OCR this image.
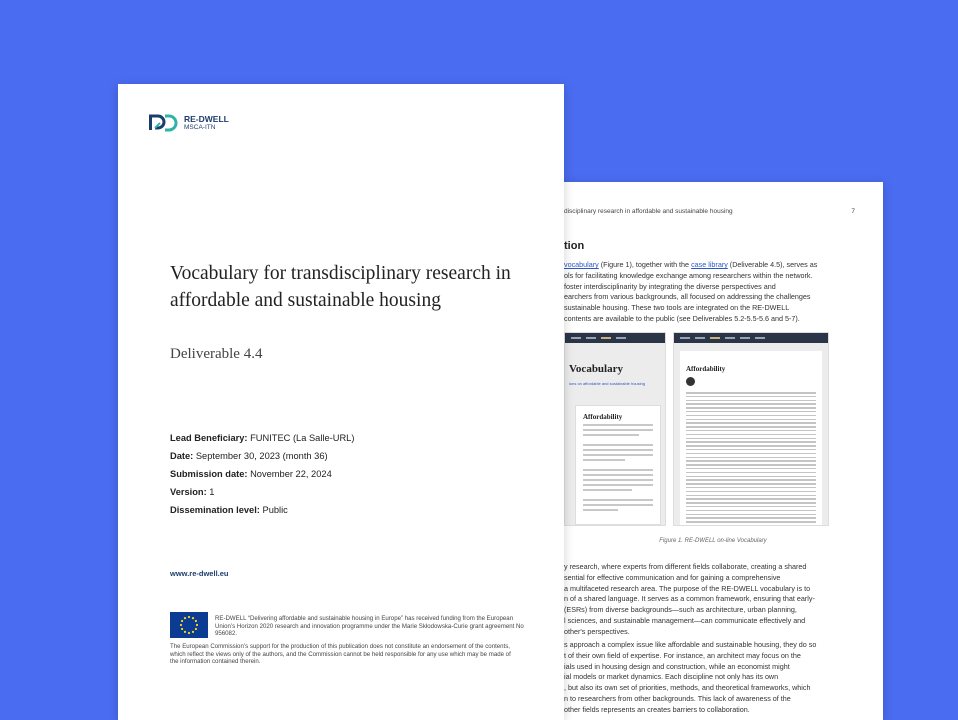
disciplinary research in affordable and sustainable housing	7
tion

vocabulary (Figure 1), together with the case library (Deliverable 4.5), serves as

ols for facilitating knowledge exchange among researchers within the network.

foster interdisciplinarity by integrating the diverse perspectives and

earchers from various backgrounds, all focused on addressing the challenges

sustainable housing. These two tools are integrated on the RE-DWELL

contents are available to the public (see Deliverables 5.2-5.5-5.6 and 5-7).

Vocabulary
ions on affordable and sustainable housing
Affordability
Affordability
Figure 1. RE-DWELL on-line Vocabulary

y research, where experts from different fields collaborate, creating a shared

sential for effective communication and for gaining a comprehensive

a multifaceted research area. The purpose of the RE-DWELL vocabulary is to

n of a shared language. It serves as a common framework, ensuring that early-

(ESRs) from diverse backgrounds—such as architecture, urban planning,

l sciences, and sustainable management—can communicate effectively and

other's perspectives.

s approach a complex issue like affordable and sustainable housing, they do so

t of their own field of expertise. For instance, an architect may focus on the

ials used in housing design and construction, while an economist might

ial models or market dynamics. Each discipline not only has its own

, but also its own set of priorities, methods, and theoretical frameworks, which

n to researchers from other backgrounds. This lack of awareness of the

other fields represents an creates barriers to collaboration.

RE-DWELL
MSCA-ITN
Vocabulary for transdisciplinary research in affordable and sustainable housing
Deliverable 4.4
Lead Beneficiary: FUNITEC (La Salle-URL)
Date: September 30, 2023 (month 36)
Submission date: November 22, 2024
Version: 1
Dissemination level: Public
www.re-dwell.eu
RE-DWELL “Delivering affordable and sustainable housing in Europe” has received funding from the European Union’s Horizon 2020 research and innovation programme under the Marie Skłodowska-Curie grant agreement No 956082.
The European Commission’s support for the production of this publication does not constitute an endorsement of the contents, which reflect the views only of the authors, and the Commission cannot be held responsible for any use which may be made of the information contained therein.
